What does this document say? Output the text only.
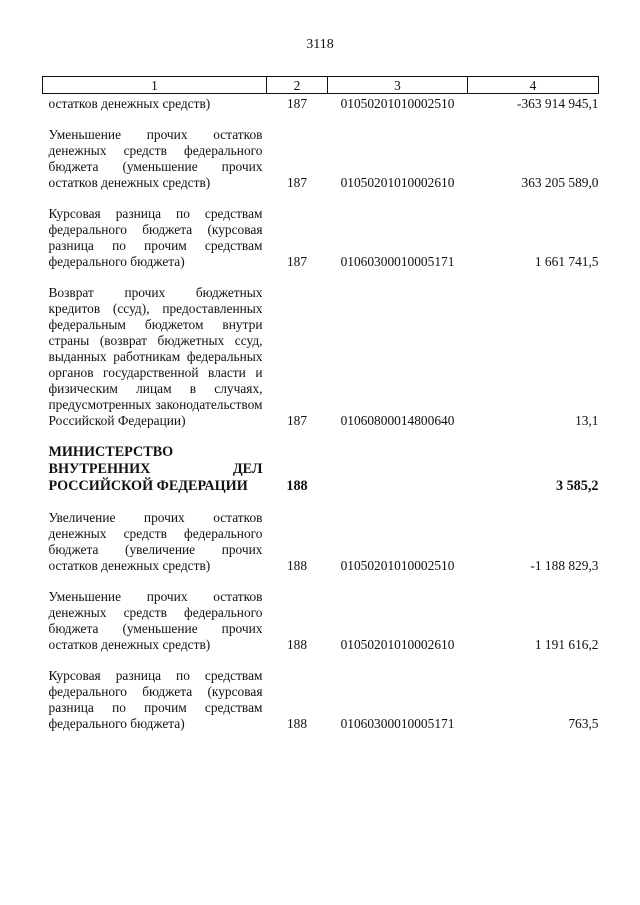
3118
1	2	3	4
остатков денежных средств)	187	01050201010002510	-363 914 945,1
Уменьшение прочих остатков денежных средств федерального бюджета (уменьшение прочих остатков денежных средств)	187	01050201010002610	363 205 589,0
Курсовая разница по средствам федерального бюджета (курсовая разница по прочим средствам федерального бюджета)	187	01060300010005171	1 661 741,5
Возврат прочих бюджетных кредитов (ссуд), предоставленных федеральным бюджетом внутри страны (возврат бюджетных ссуд, выданных работникам федеральных органов государственной власти и физическим лицам в случаях, предусмотренных законодательством Российской Федерации)	187	01060800014800640	13,1
МИНИСТЕРСТВО ВНУТРЕННИХ ДЕЛ РОССИЙСКОЙ ФЕДЕРАЦИИ	188		3 585,2
Увеличение прочих остатков денежных средств федерального бюджета (увеличение прочих остатков денежных средств)	188	01050201010002510	-1 188 829,3
Уменьшение прочих остатков денежных средств федерального бюджета (уменьшение прочих остатков денежных средств)	188	01050201010002610	1 191 616,2
Курсовая разница по средствам федерального бюджета (курсовая разница по прочим средствам федерального бюджета)	188	01060300010005171	763,5
